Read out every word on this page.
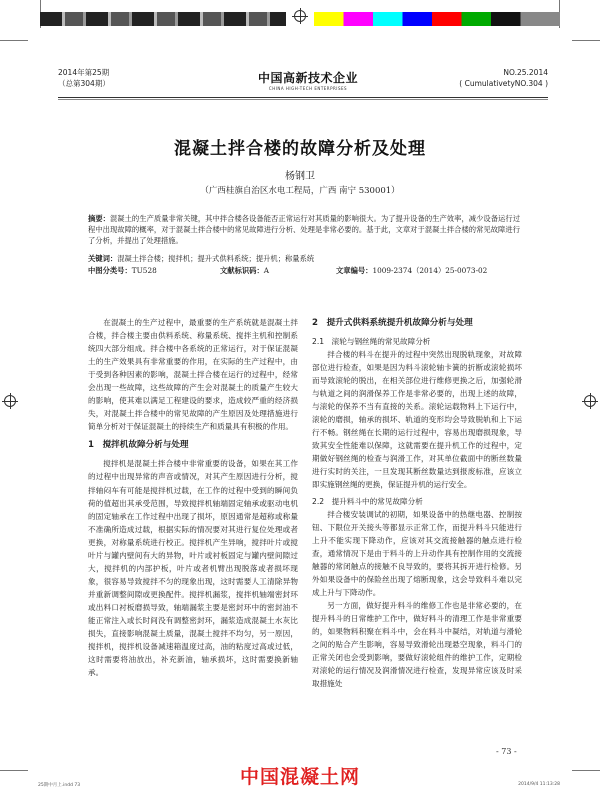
2014年第25期
（总第304期）	中国高新技术企业
CHINA HIGH-TECH ENTERPRISES
NO.25.2014
( CumulativetyNO.304 )
混凝土拌合楼的故障分析及处理
杨钢卫
（广西桂旗自治区水电工程局，广西 南宁 530001）
摘要：混凝土的生产质量非常关键，其中拌合楼各设备能否正常运行对其质量的影响很大。为了提升设备的生产效率，减少设备运行过程中出现故障的概率，对于混凝土拌合楼中的常见故障进行分析、处理是非常必要的。基于此，文章对于混凝土拌合楼的常见故障进行了分析，并提出了处理措施。
关键词：混凝土拌合楼；搅拌机；提升式供料系统；提升机；称量系统
中图分类号：TU528	文献标识码：A	文章编号：1009-2374（2014）25-0073-02

在混凝土的生产过程中，最重要的生产系统就是混凝土拌合楼，拌合楼主要由供料系统、称量系统、搅拌主机和控制系统四大部分组成。拌合楼中各系统的正常运行，对于保证混凝土的生产效果具有非常重要的作用，在实际的生产过程中，由于受到各种因素的影响，混凝土拌合楼在运行的过程中，经常会出现一些故障，这些故障的产生会对混凝土的质量产生较大的影响，使其难以满足工程建设的要求，造成较严重的经济损失，对混凝土拌合楼中的常见故障的产生原因及处理措施进行简单分析对于保证混凝土的持续生产和质量具有积极的作用。

1　搅拌机故障分析与处理

搅拌机是混凝土拌合楼中非常重要的设备，如果在其工作的过程中出现异常的声音或情况，对其产生原因进行分析，搅拌轴闷车有可能是搅拌机过载，在工作的过程中受到的瞬间负荷的值超出其承受范围，导致搅拌机轴端固定轴承或驱动电机的固定轴承在工作过程中出现了损坏，原因通常是超称或称量不准确所造成过载，根据实际的情况要对其进行复位处理或者更换，对称量系统进行校正。搅拌机产生异响，搅拌叶片或搅叶片与罐内壁间有大的异物，叶片或衬板固定与罐内壁间隙过大，搅拌机的内部护板，叶片或者机臂出现脱落或者损坏现象，很容易导致搅拌不匀的现象出现，这时需要人工清除异物并重新调整间隙或更换配件。搅拌机漏浆，搅拌机轴端密封环或出料口衬板磨损导致，轴端漏浆主要是密封环中的密封油不能正常注入或长时间没有调整密封环，漏浆造成混凝土水灰比损失，直接影响混凝土质量，混凝土搅拌不均匀，另一原因，搅拌机，搅拌机设备减速箱温度过高，油的粘度过高或过低，这时需要将油放出，补充新油，轴承损坏，这时需要换新轴承。

2　提升式供料系统提升机故障分析与处理

2.1　滚轮与钢丝绳的常见故障分析

拌合楼的料斗在提升的过程中突然出现脱轨现象，对故障部位进行检查，如果是因为料斗滚轮轴卡簧的折断或滚轮损坏而导致滚轮的脱出，在相关部位进行维修更换之后，加强轮滑与轨道之间的润滑保养工作是非常必要的，出现上述的故障，与滚轮的保养不当有直接的关系。滚轮运载物料上下运行中，滚轮的磨损，轴承的损坏、轨道的变形均会导致脱轨和上下运行不畅。钢丝绳在长期的运行过程中，容易出现磨损现象，导致其安全性能难以保障，这就需要在提升机工作的过程中，定期做好钢丝绳的检查与润滑工作，对其单位截面中的断丝数量进行实时的关注，一旦发现其断丝数量达到报废标准，应该立即实施钢丝绳的更换，保证提升机的运行安全。

2.2　提升料斗中的常见故障分析

拌合楼安装调试的初期，如果设备中的热继电器、控制按钮、下限位开关接头等都显示正常工作，而提升料斗只能进行上升不能实现下降动作，应该对其交流接触器的触点进行检查，通常情况下是由于料斗的上升动作具有控制作用的交流接触器的常闭触点的接触不良导致的，要将其拆开进行检修。另外如果设备中的保险丝出现了熔断现象，这会导致料斗难以完成上升与下降动作。

另一方面，做好提升料斗的维修工作也是非常必要的，在提升料斗的日常维护工作中，做好料斗的清理工作是非常重要的，如果物料积聚在料斗中，会在料斗中凝结，对轨道与滑轮之间的贴合产生影响，容易导致滑轮出现悬空现象，料斗门的正常关闭也会受到影响，要做好滚轮组件的维护工作，定期检对滚轮的运行情况及润滑情况进行检查，发现异常应该及时采取措施处

- 73 -
中国混凝土网
25期中月上.indd 73	2014/9/4 11:13:28
